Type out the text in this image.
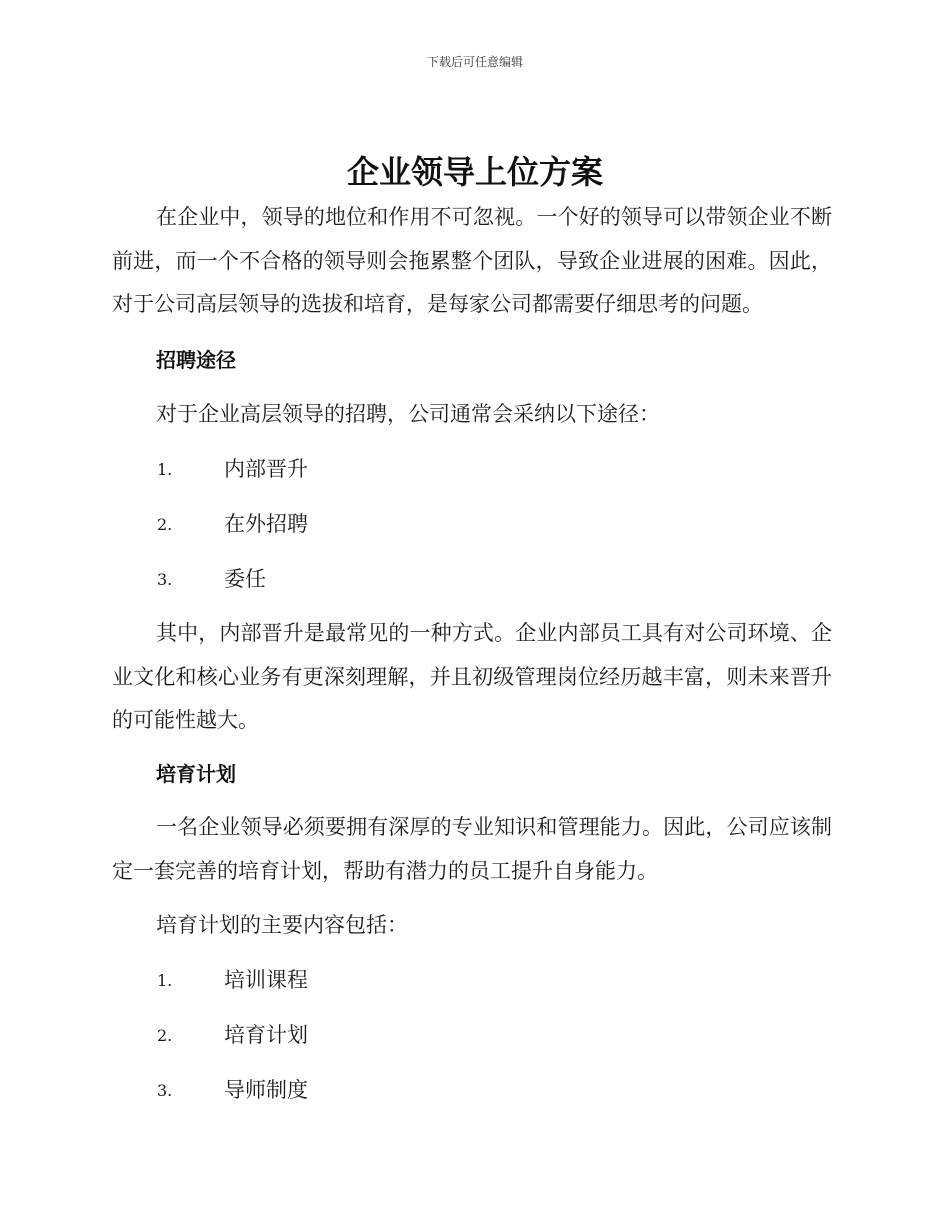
下载后可任意编辑
企业领导上位方案

在企业中，领导的地位和作用不可忽视。一个好的领导可以带领企业不断前进，而一个不合格的领导则会拖累整个团队，导致企业进展的困难。因此，对于公司高层领导的选拔和培育，是每家公司都需要仔细思考的问题。

招聘途径

对于企业高层领导的招聘，公司通常会采纳以下途径：

1. 内部晋升
2. 在外招聘
3. 委任

其中，内部晋升是最常见的一种方式。企业内部员工具有对公司环境、企业文化和核心业务有更深刻理解，并且初级管理岗位经历越丰富，则未来晋升的可能性越大。

培育计划

一名企业领导必须要拥有深厚的专业知识和管理能力。因此，公司应该制定一套完善的培育计划，帮助有潜力的员工提升自身能力。

培育计划的主要内容包括：

1. 培训课程
2. 培育计划
3. 导师制度
